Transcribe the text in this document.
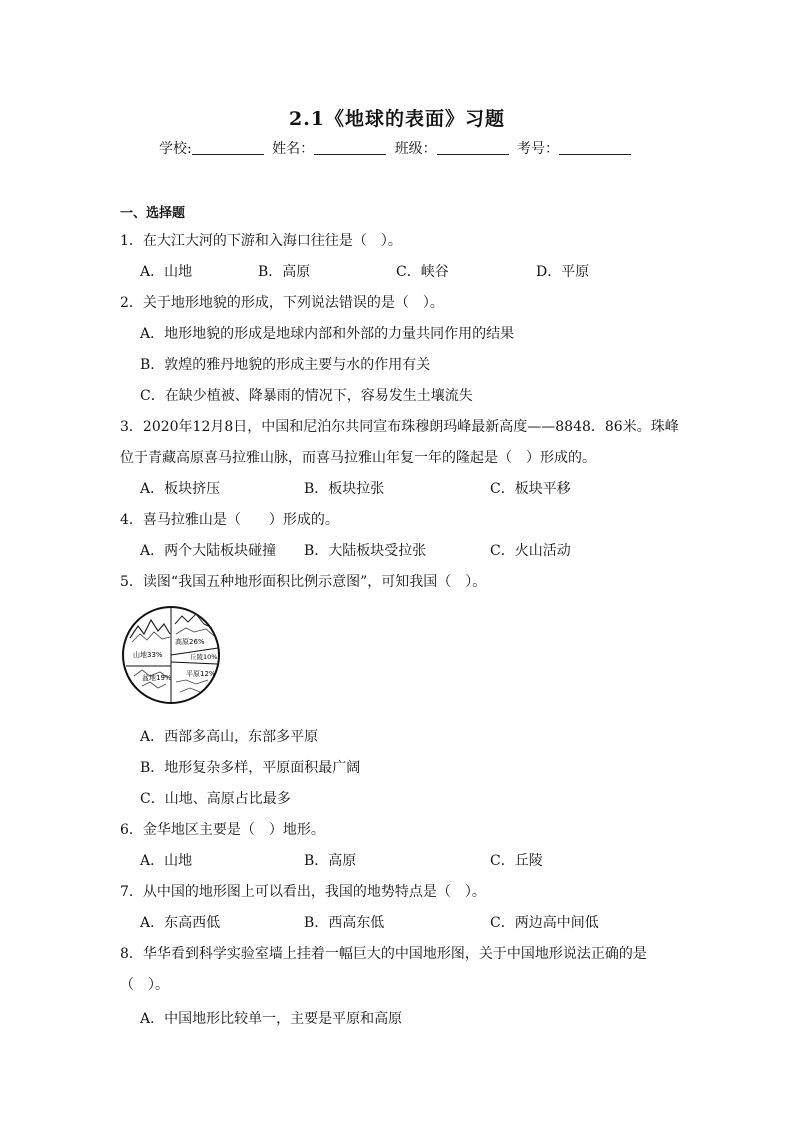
2.1《地球的表面》习题
学校:	姓名：	班级：	考号：
一、选择题
1．在大江大河的下游和入海口往往是（　）。
A．山地	B．高原	C．峡谷	D．平原
2．关于地形地貌的形成，下列说法错误的是（　）。
A．地形地貌的形成是地球内部和外部的力量共同作用的结果
B．敦煌的雅丹地貌的形成主要与水的作用有关
C．在缺少植被、降暴雨的情况下，容易发生土壤流失
3．2020年12月8日，中国和尼泊尔共同宣布珠穆朗玛峰最新高度——8848．86米。珠峰
位于青藏高原喜马拉雅山脉，而喜马拉雅山年复一年的隆起是（　）形成的。
A．板块挤压	B．板块拉张	C．板块平移
4．喜马拉雅山是（　　）形成的。
A．两个大陆板块碰撞 B．大陆板块受拉张	C．火山活动
5．读图“我国五种地形面积比例示意图”，可知我国（　）。
山地33%
高原26%
丘陵10%
盆地19% 平原12%
A．西部多高山，东部多平原
B．地形复杂多样，平原面积最广阔
C．山地、高原占比最多
6．金华地区主要是（　）地形。
A．山地	B．高原	C．丘陵
7．从中国的地形图上可以看出，我国的地势特点是（　）。
A．东高西低	B．西高东低	C．两边高中间低
8．华华看到科学实验室墙上挂着一幅巨大的中国地形图，关于中国地形说法正确的是
（　）。
A．中国地形比较单一，主要是平原和高原
